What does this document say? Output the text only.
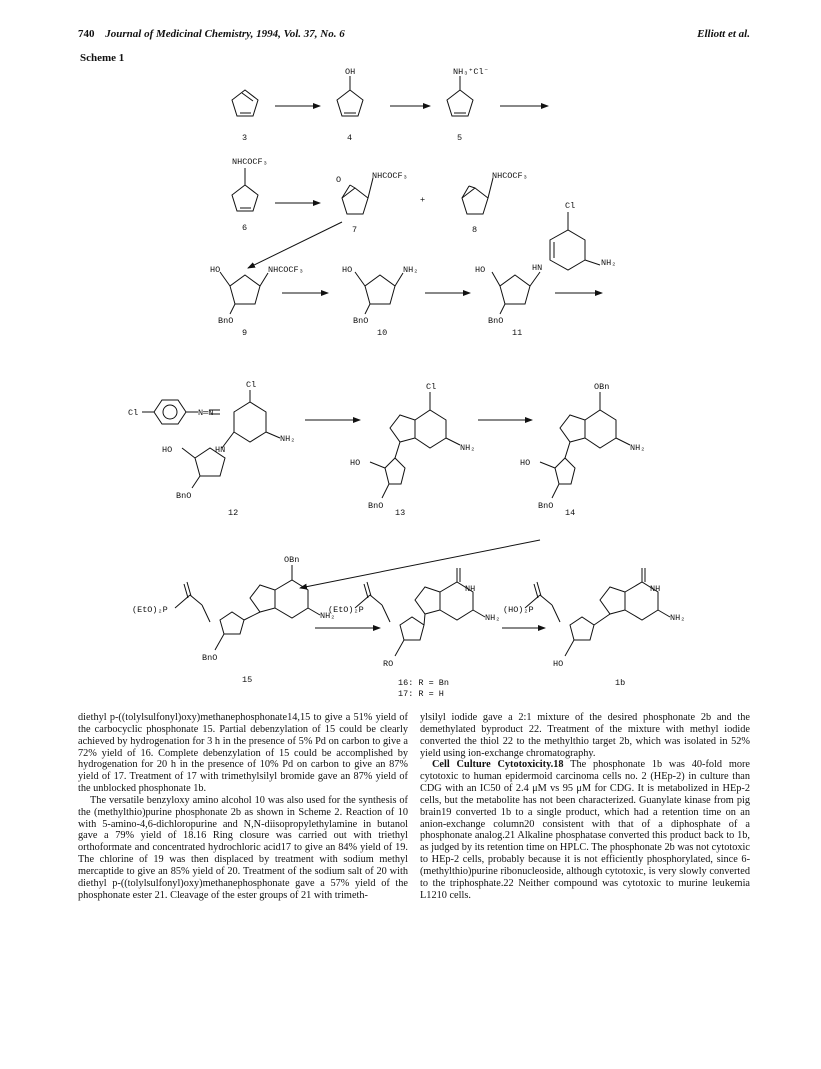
740 Journal of Medicinal Chemistry, 1994, Vol. 37, No. 6	Elliott et al.
Scheme 1
OH	NH₃⁺Cl⁻
NHCOCF₃
O	NHCOCF₃
+
NHCOCF₃
Cl
HO	NHCOCF₃
BnO
HO	NH₂
BnO
HO	HN	NH₂
BnO
Cl	N═N
Cl
NH₂
HN
HO
BnO
Cl
NH₂
HO
BnO
OBn
NH₂
HO
BnO
OBn
(EtO)₂P
NH₂
BnO
(EtO)₂P
NH
NH₂
RO
(HO)₂P
NH
NH₂
HO
3	4	5
6	7	8
9	10	11
12	13	14
15	16: R = Bn
17: R = H
1b

diethyl p-((tolylsulfonyl)oxy)methanephosphonate14,15 to give a 51% yield of the carbocyclic phosphonate 15. Partial debenzylation of 15 could be clearly achieved by hydrogenation for 3 h in the presence of 5% Pd on carbon to give a 72% yield of 16. Complete debenzylation of 15 could be accomplished by hydrogenation for 20 h in the presence of 10% Pd on carbon to give an 87% yield of 17. Treatment of 17 with trimethylsilyl bromide gave an 87% yield of the unblocked phosphonate 1b.

The versatile benzyloxy amino alcohol 10 was also used for the synthesis of the (methylthio)purine phosphonate 2b as shown in Scheme 2. Reaction of 10 with 5-amino-4,6-dichloropurine and N,N-diisopropylethylamine in butanol gave a 79% yield of 18.16 Ring closure was carried out with triethyl orthoformate and concentrated hydrochloric acid17 to give an 84% yield of 19. The chlorine of 19 was then displaced by treatment with sodium methyl mercaptide to give an 85% yield of 20. Treatment of the sodium salt of 20 with diethyl p-((tolylsulfonyl)oxy)methanephosphonate gave a 57% yield of the phosphonate ester 21. Cleavage of the ester groups of 21 with trimeth-

ylsilyl iodide gave a 2:1 mixture of the desired phosphonate 2b and the demethylated byproduct 22. Treatment of the mixture with methyl iodide converted the thiol 22 to the methylthio target 2b, which was isolated in 52% yield using ion-exchange chromatography.

Cell Culture Cytotoxicity.18 The phosphonate 1b was 40-fold more cytotoxic to human epidermoid carcinoma cells no. 2 (HEp-2) in culture than CDG with an IC50 of 2.4 μM vs 95 μM for CDG. It is metabolized in HEp-2 cells, but the metabolite has not been characterized. Guanylate kinase from pig brain19 converted 1b to a single product, which had a retention time on an anion-exchange column20 consistent with that of a diphosphate of a phosphonate analog.21 Alkaline phosphatase converted this product back to 1b, as judged by its retention time on HPLC. The phosphonate 2b was not cytotoxic to HEp-2 cells, probably because it is not efficiently phosphorylated, since 6-(methylthio)purine ribonucleoside, although cytotoxic, is very slowly converted to the triphosphate.22 Neither compound was cytotoxic to murine leukemia L1210 cells.
